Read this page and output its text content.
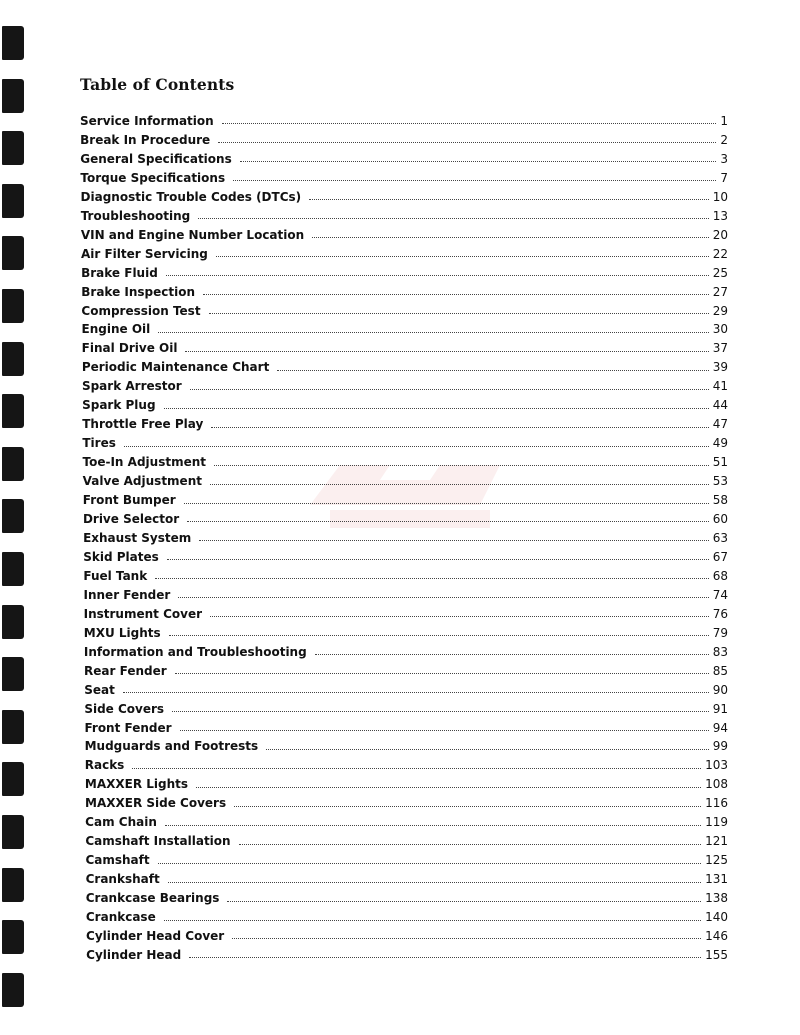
Table of Contents
Service Information	1
Break In Procedure	2
General Specifications	3
Torque Specifications	7
Diagnostic Trouble Codes (DTCs)	10
Troubleshooting	13
VIN and Engine Number Location	20
Air Filter Servicing	22
Brake Fluid	25
Brake Inspection	27
Compression Test	29
Engine Oil	30
Final Drive Oil	37
Periodic Maintenance Chart	39
Spark Arrestor	41
Spark Plug	44
Throttle Free Play	47
Tires	49
Toe-In Adjustment	51
Valve Adjustment	53
Front Bumper	58
Drive Selector	60
Exhaust System	63
Skid Plates	67
Fuel Tank	68
Inner Fender	74
Instrument Cover	76
MXU Lights	79
Information and Troubleshooting	83
Rear Fender	85
Seat	90
Side Covers	91
Front Fender	94
Mudguards and Footrests	99
Racks	103
MAXXER Lights	108
MAXXER Side Covers	116
Cam Chain	119
Camshaft Installation	121
Camshaft	125
Crankshaft	131
Crankcase Bearings	138
Crankcase	140
Cylinder Head Cover	146
Cylinder Head	155
